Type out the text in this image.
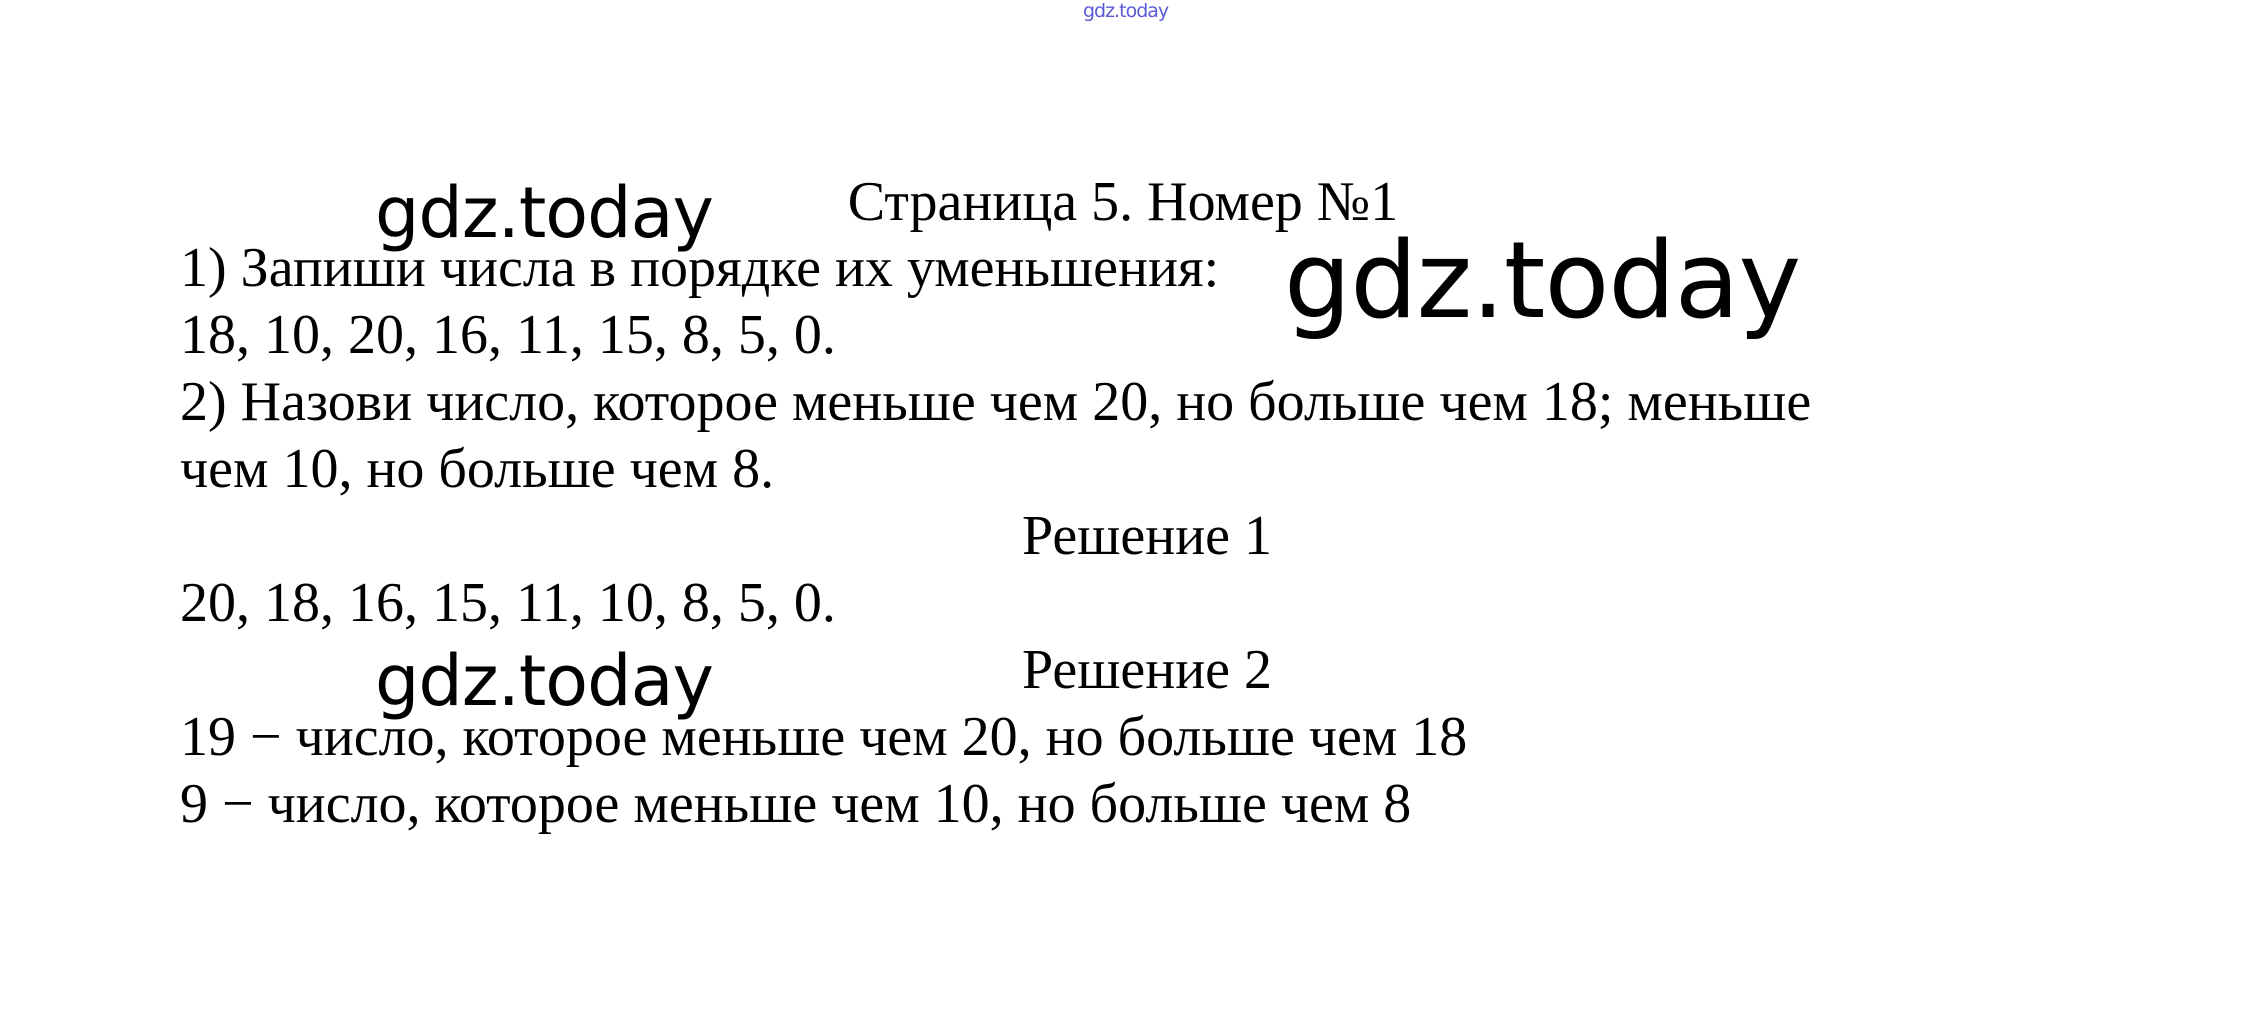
gdz.today
Страница 5. Номер №1
gdz.today
1) Запиши числа в порядке их уменьшения: gdz.today
18, 10, 20, 16, 11, 15, 8, 5, 0.
2) Назови число, которое меньше чем 20, но больше чем 18; меньше
чем 10, но больше чем 8.
Решение 1
20, 18, 16, 15, 11, 10, 8, 5, 0.
Решение 2
gdz.today
19 − число, которое меньше чем 20, но больше чем 18
9 − число, которое меньше чем 10, но больше чем 8
